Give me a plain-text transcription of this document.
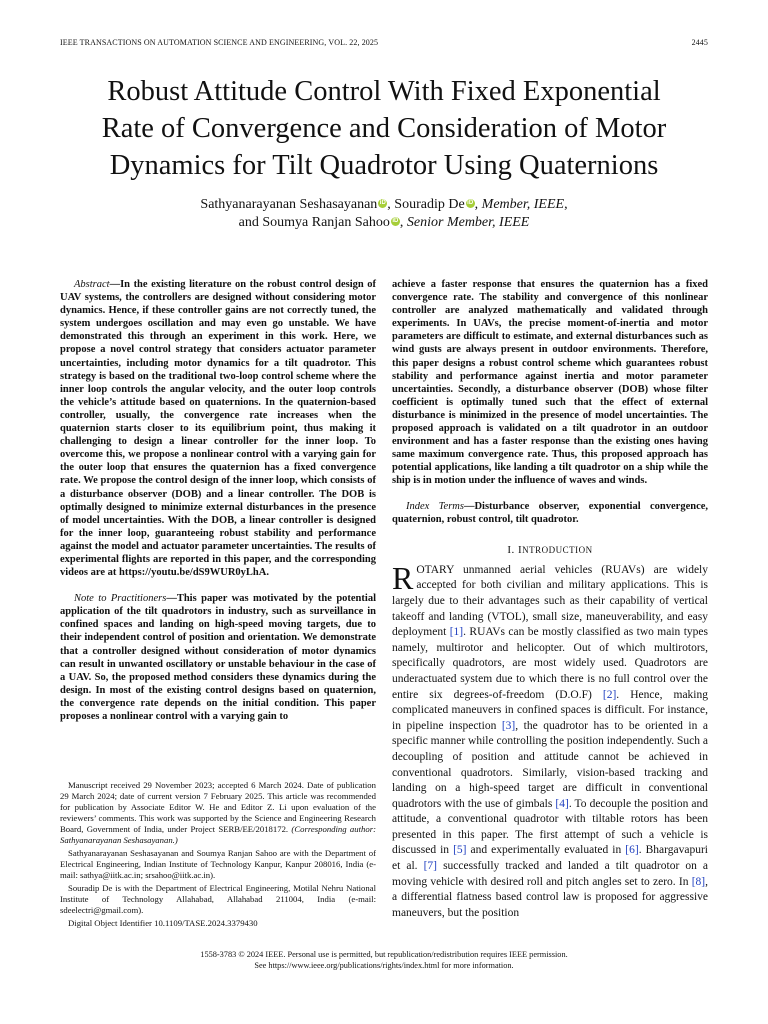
IEEE TRANSACTIONS ON AUTOMATION SCIENCE AND ENGINEERING, VOL. 22, 2025	2445
Robust Attitude Control With Fixed Exponential
Rate of Convergence and Consideration of Motor
Dynamics for Tilt Quadrotor Using Quaternions
Sathyanarayanan Seshasayanan iD , Souradip De iD , Member, IEEE,
and Soumya Ranjan Sahoo iD , Senior Member, IEEE

Abstract—In the existing literature on the robust control design of UAV systems, the controllers are designed without considering motor dynamics. Hence, if these controller gains are not correctly tuned, the system undergoes oscillation and may even go unstable. We have demonstrated this through an experiment in this work. Here, we propose a novel control strategy that considers actuator parameter uncertainties, including motor dynamics for a tilt quadrotor. This strategy is based on the traditional two-loop control scheme where the inner loop controls the angular velocity, and the outer loop controls the vehicle’s attitude based on quaternions. In the quaternion-based controller, usually, the convergence rate increases when the quaternion starts closer to its equilibrium point, thus making it challenging to design a linear controller for the inner loop. To overcome this, we propose a nonlinear control with a varying gain for the outer loop that ensures the quaternion has a fixed convergence rate. We propose the control design of the inner loop, which consists of a disturbance observer (DOB) and a linear controller. The DOB is optimally designed to minimize external disturbances in the presence of model uncertainties. With the DOB, a linear controller is designed for the inner loop, guaranteeing robust stability and performance against the model and actuator parameter uncertainties. The results of experimental flights are reported in this paper, and the corresponding videos are at https://youtu.be/dS9WUR0yLhA.

Note to Practitioners—This paper was motivated by the potential application of the tilt quadrotors in industry, such as surveillance in confined spaces and landing on high-speed moving targets, due to their independent control of position and orientation. We demonstrate that a controller designed without consideration of motor dynamics can result in unwanted oscillatory or unstable behaviour in the case of a UAV. So, the proposed method considers these dynamics during the design. In most of the existing control designs based on quaternion, the convergence rate depends on the initial condition. This paper proposes a nonlinear control with a varying gain to

Manuscript received 29 November 2023; accepted 6 March 2024. Date of publication 29 March 2024; date of current version 7 February 2025. This article was recommended for publication by Associate Editor W. He and Editor Z. Li upon evaluation of the reviewers’ comments. This work was supported by the Science and Engineering Research Board, Government of India, under Project SERB/EE/2018172. (Corresponding author: Sathyanarayanan Seshasayanan.)

Sathyanarayanan Seshasayanan and Soumya Ranjan Sahoo are with the Department of Electrical Engineering, Indian Institute of Technology Kanpur, Kanpur 208016, India (e-mail: sathya@iitk.ac.in; srsahoo@iitk.ac.in).

Souradip De is with the Department of Electrical Engineering, Motilal Nehru National Institute of Technology Allahabad, Allahabad 211004, India (e-mail: sdeelectri@gmail.com).

Digital Object Identifier 10.1109/TASE.2024.3379430

achieve a faster response that ensures the quaternion has a fixed convergence rate. The stability and convergence of this nonlinear controller are analyzed mathematically and validated through experiments. In UAVs, the precise moment-of-inertia and motor parameters are difficult to estimate, and external disturbances such as wind gusts are always present in outdoor environments. Therefore, this paper designs a robust control scheme which guarantees robust stability and performance against inertia and motor parameter uncertainties. Secondly, a disturbance observer (DOB) whose filter coefficient is optimally tuned such that the effect of external disturbance is minimized in the presence of model uncertainties. The proposed approach is validated on a tilt quadrotor in an outdoor environment and has a faster response than the existing ones having same maximum convergence rate. Thus, this proposed approach has potential applications, like landing a tilt quadrotor on a ship while the ship is in motion under the influence of waves and winds.

Index Terms—Disturbance observer, exponential convergence, quaternion, robust control, tilt quadrotor.

I. INTRODUCTION

ROTARY unmanned aerial vehicles (RUAVs) are widely accepted for both civilian and military applications. This is largely due to their advantages such as their capability of vertical takeoff and landing (VTOL), small size, maneuverability, and easy deployment [1]. RUAVs can be mostly classified as two main types namely, multirotor and helicopter. Out of which multirotors, specifically quadrotors, are most widely used. Quadrotors are underactuated system due to which there is no full control over the entire six degrees-of-freedom (D.O.F) [2]. Hence, making complicated maneuvers in confined spaces is difficult. For instance, in pipeline inspection [3], the quadrotor has to be oriented in a specific manner while controlling the position independently. Such a decoupling of position and attitude cannot be achieved in conventional quadrotors. Similarly, vision-based tracking and landing on a high-speed target are difficult in conventional quadrotors with the use of gimbals [4]. To decouple the position and attitude, a conventional quadrotor with tiltable rotors has been presented in this paper. The first attempt of such a vehicle is discussed in [5] and experimentally evaluated in [6]. Bhargavapuri et al. [7] successfully tracked and landed a tilt quadrotor on a moving vehicle with desired roll and pitch angles set to zero. In [8], a differential flatness based control law is proposed for aggressive maneuvers, but the position

1558-3783 © 2024 IEEE. Personal use is permitted, but republication/redistribution requires IEEE permission.
See https://www.ieee.org/publications/rights/index.html for more information.
